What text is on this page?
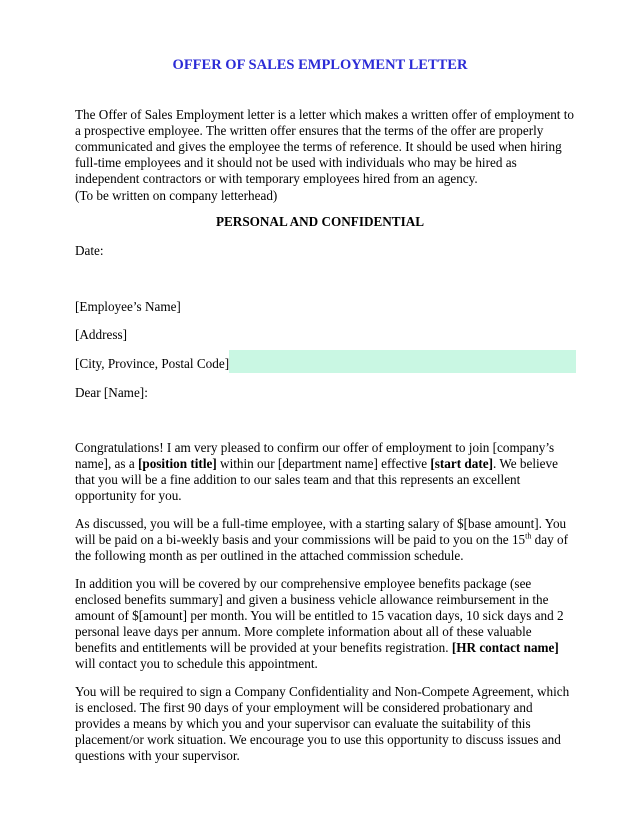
OFFER OF SALES EMPLOYMENT LETTER

The Offer of Sales Employment letter is a letter which makes a written offer of employment to a prospective employee. The written offer ensures that the terms of the offer are properly communicated and gives the employee the terms of reference. It should be used when hiring full-time employees and it should not be used with individuals who may be hired as independent contractors or with temporary employees hired from an agency.

(To be written on company letterhead)

PERSONAL AND CONFIDENTIAL
Date:
[Employee’s Name]
[Address]
[City, Province, Postal Code]
Dear [Name]:

Congratulations! I am very pleased to confirm our offer of employment to join [company’s name], as a [position title] within our [department name] effective [start date]. We believe that you will be a fine addition to our sales team and that this represents an excellent opportunity for you.

As discussed, you will be a full-time employee, with a starting salary of $[base amount]. You will be paid on a bi-weekly basis and your commissions will be paid to you on the 15th day of the following month as per outlined in the attached commission schedule.

In addition you will be covered by our comprehensive employee benefits package (see enclosed benefits summary] and given a business vehicle allowance reimbursement in the amount of $[amount] per month. You will be entitled to 15 vacation days, 10 sick days and 2 personal leave days per annum. More complete information about all of these valuable benefits and entitlements will be provided at your benefits registration. [HR contact name] will contact you to schedule this appointment.

You will be required to sign a Company Confidentiality and Non-Compete Agreement, which is enclosed. The first 90 days of your employment will be considered probationary and provides a means by which you and your supervisor can evaluate the suitability of this placement/or work situation. We encourage you to use this opportunity to discuss issues and questions with your supervisor.
